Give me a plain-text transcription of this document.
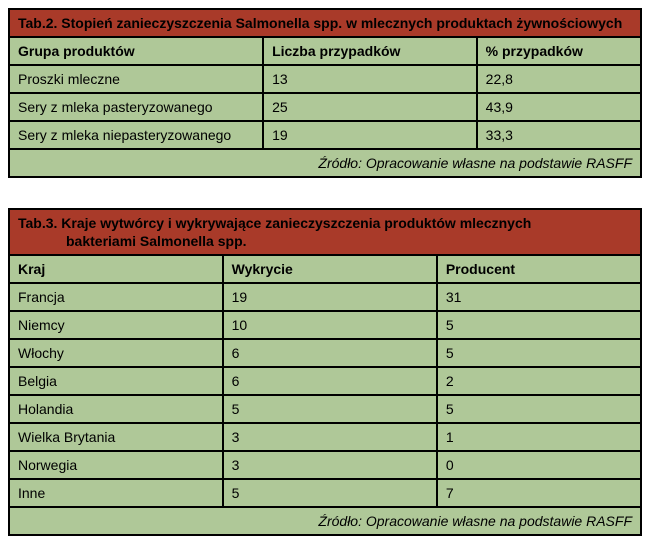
Tab.2. Stopień zanieczyszczenia Salmonella spp. w mlecznych produktach żywnościowych		
Grupa produktów	Liczba przypadków	% przypadków
Proszki mleczne	13	22,8
Sery z mleka pasteryzowanego	25	43,9
Sery z mleka niepasteryzowanego	19	33,3
Źródło: Opracowanie własne na podstawie RASFF		
Tab.3. Kraje wytwórcy i wykrywające zanieczyszczenia produktów mlecznych
bakteriami Salmonella spp.		

Kraj	Wykrycie	Producent
Francja	19	31
Niemcy	10	5
Włochy	6	5
Belgia	6	2
Holandia	5	5
Wielka Brytania	3	1
Norwegia	3	0
Inne	5	7
Źródło: Opracowanie własne na podstawie RASFF		
